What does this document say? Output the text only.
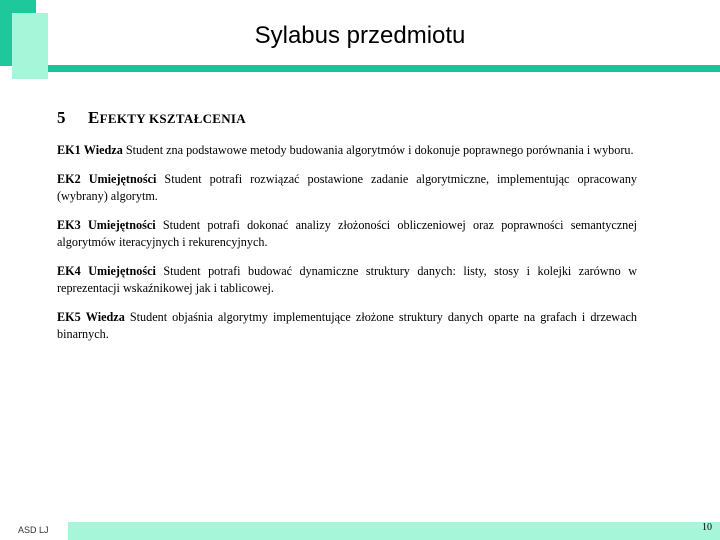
Sylabus przedmiotu
5 EFEKTY KSZTAŁCENIA

EK1 Wiedza Student zna podstawowe metody budowania algorytmów i dokonuje poprawnego porównania i wyboru.

EK2 Umiejętności Student potrafi rozwiązać postawione zadanie algorytmiczne, implementując opracowany (wybrany) algorytm.

EK3 Umiejętności Student potrafi dokonać analizy złożoności obliczeniowej oraz poprawności semantycznej algorytmów iteracyjnych i rekurencyjnych.

EK4 Umiejętności Student potrafi budować dynamiczne struktury danych: listy, stosy i kolejki zarówno w reprezentacji wskaźnikowej jak i tablicowej.

EK5 Wiedza Student objaśnia algorytmy implementujące złożone struktury danych oparte na grafach i drzewach binarnych.

ASD LJ	10
